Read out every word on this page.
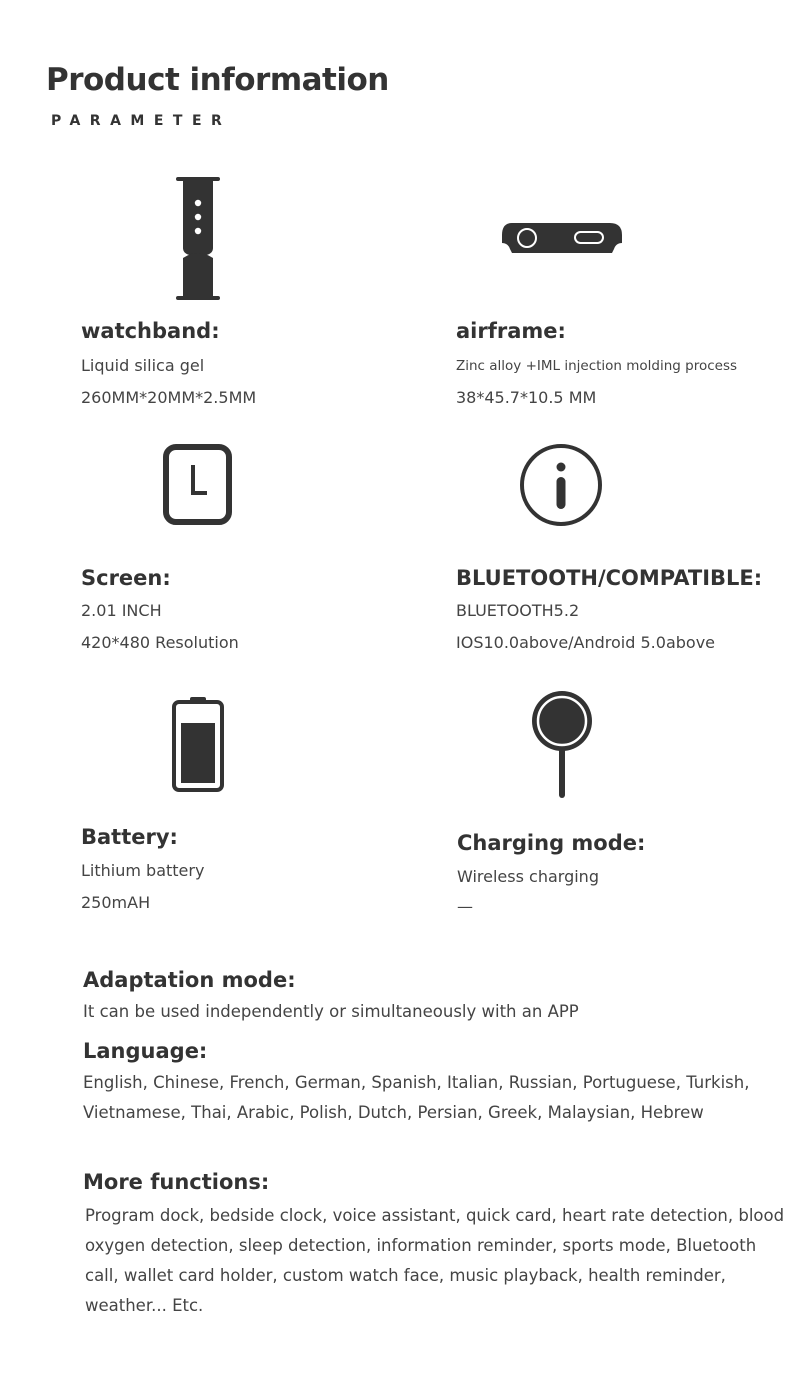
Product information
PARAMETER
watchband:
Liquid silica gel
260MM*20MM*2.5MM
airframe:
Zinc alloy +IML injection molding process
38*45.7*10.5 MM
Screen:
2.01 INCH
420*480 Resolution
BLUETOOTH/COMPATIBLE:
BLUETOOTH5.2
IOS10.0above/Android 5.0above
Battery:
Lithium battery
250mAH
Charging mode:
Wireless charging
—
Adaptation mode:
It can be used independently or simultaneously with an APP
Language:
English, Chinese, French, German, Spanish, Italian, Russian, Portuguese, Turkish, Vietnamese, Thai, Arabic, Polish, Dutch, Persian, Greek, Malaysian, Hebrew
More functions:
Program dock, bedside clock, voice assistant, quick card, heart rate detection, blood oxygen detection, sleep detection, information reminder, sports mode, Bluetooth call, wallet card holder, custom watch face, music playback, health reminder, weather... Etc.
